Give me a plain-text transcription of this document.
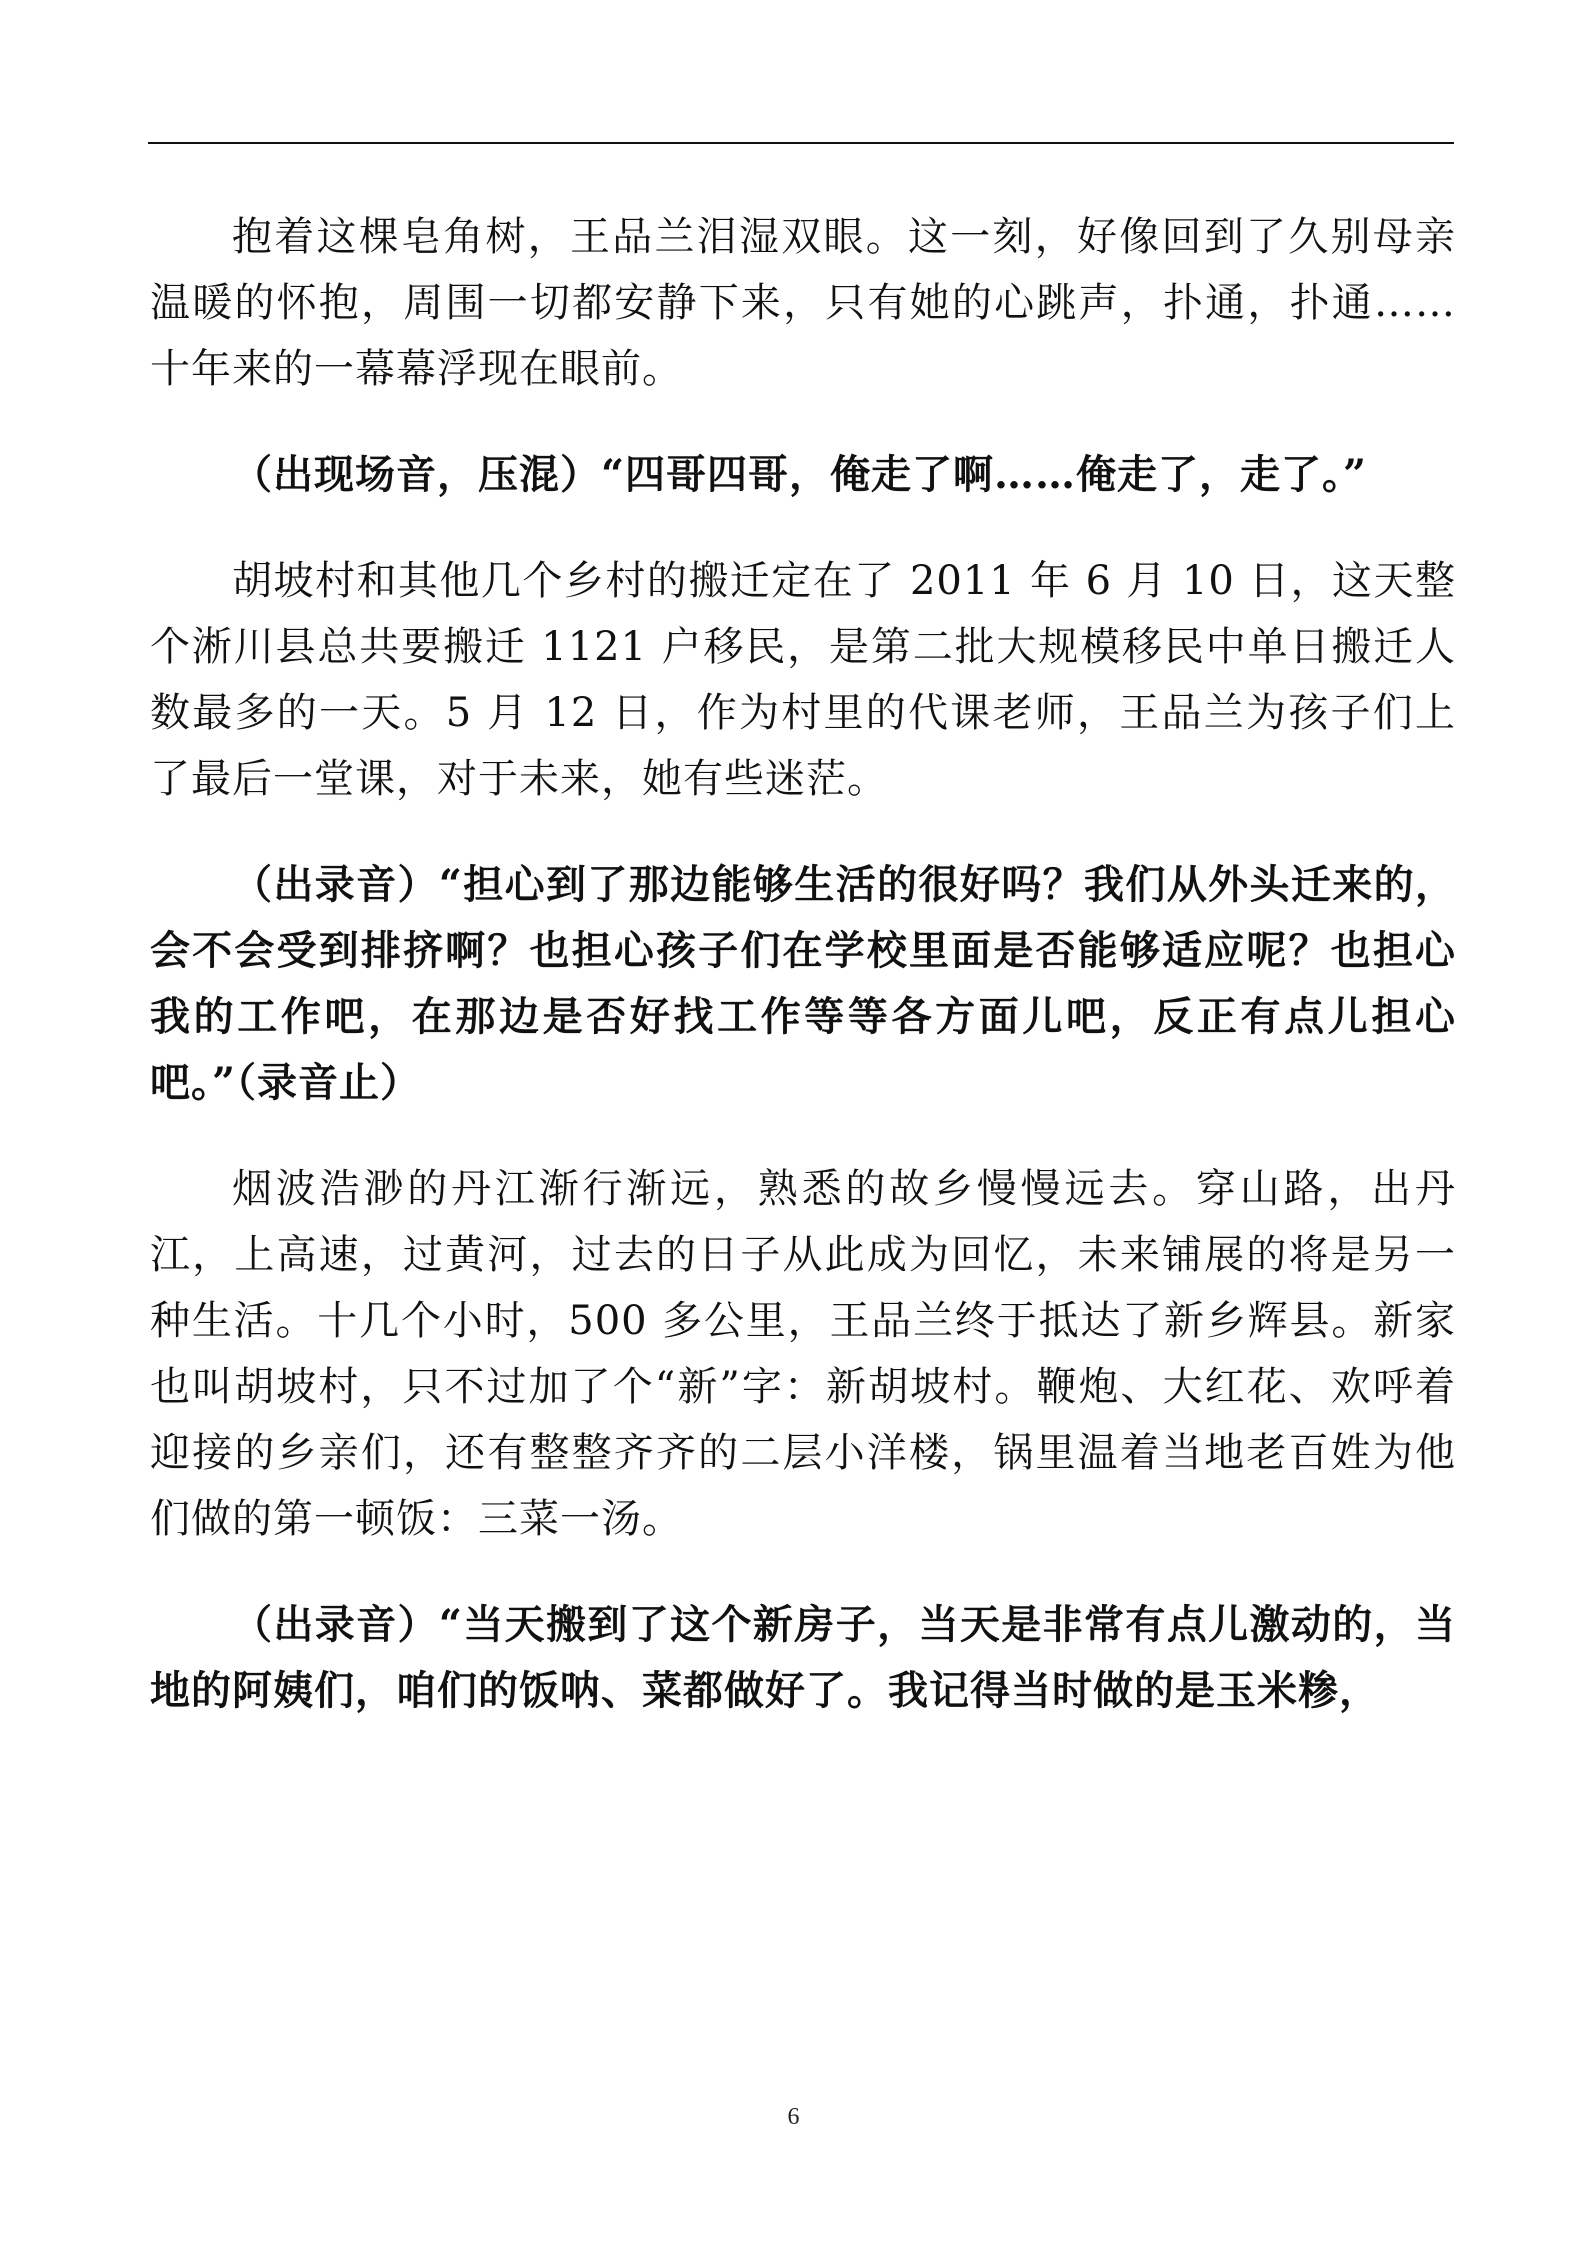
抱着这棵皂角树，王品兰泪湿双眼。这一刻，好像回到了久别母亲温暖的怀抱，周围一切都安静下来，只有她的心跳声，扑通，扑通……十年来的一幕幕浮现在眼前。

（出现场音，压混）“四哥四哥，俺走了啊……俺走了，走了。”

胡坡村和其他几个乡村的搬迁定在了 2011 年 6 月 10 日，这天整个淅川县总共要搬迁 1121 户移民，是第二批大规模移民中单日搬迁人数最多的一天。5 月 12 日，作为村里的代课老师，王品兰为孩子们上了最后一堂课，对于未来，她有些迷茫。

（出录音）“担心到了那边能够生活的很好吗？我们从外头迁来的，会不会受到排挤啊？也担心孩子们在学校里面是否能够适应呢？也担心我的工作吧，在那边是否好找工作等等各方面儿吧，反正有点儿担心吧。”（录音止）

烟波浩渺的丹江渐行渐远，熟悉的故乡慢慢远去。穿山路，出丹江，上高速，过黄河，过去的日子从此成为回忆，未来铺展的将是另一种生活。十几个小时，500 多公里，王品兰终于抵达了新乡辉县。新家也叫胡坡村，只不过加了个“新”字：新胡坡村。鞭炮、大红花、欢呼着迎接的乡亲们，还有整整齐齐的二层小洋楼，锅里温着当地老百姓为他们做的第一顿饭：三菜一汤。

（出录音）“当天搬到了这个新房子，当天是非常有点儿激动的，当地的阿姨们，咱们的饭呐、菜都做好了。我记得当时做的是玉米糁，

6
